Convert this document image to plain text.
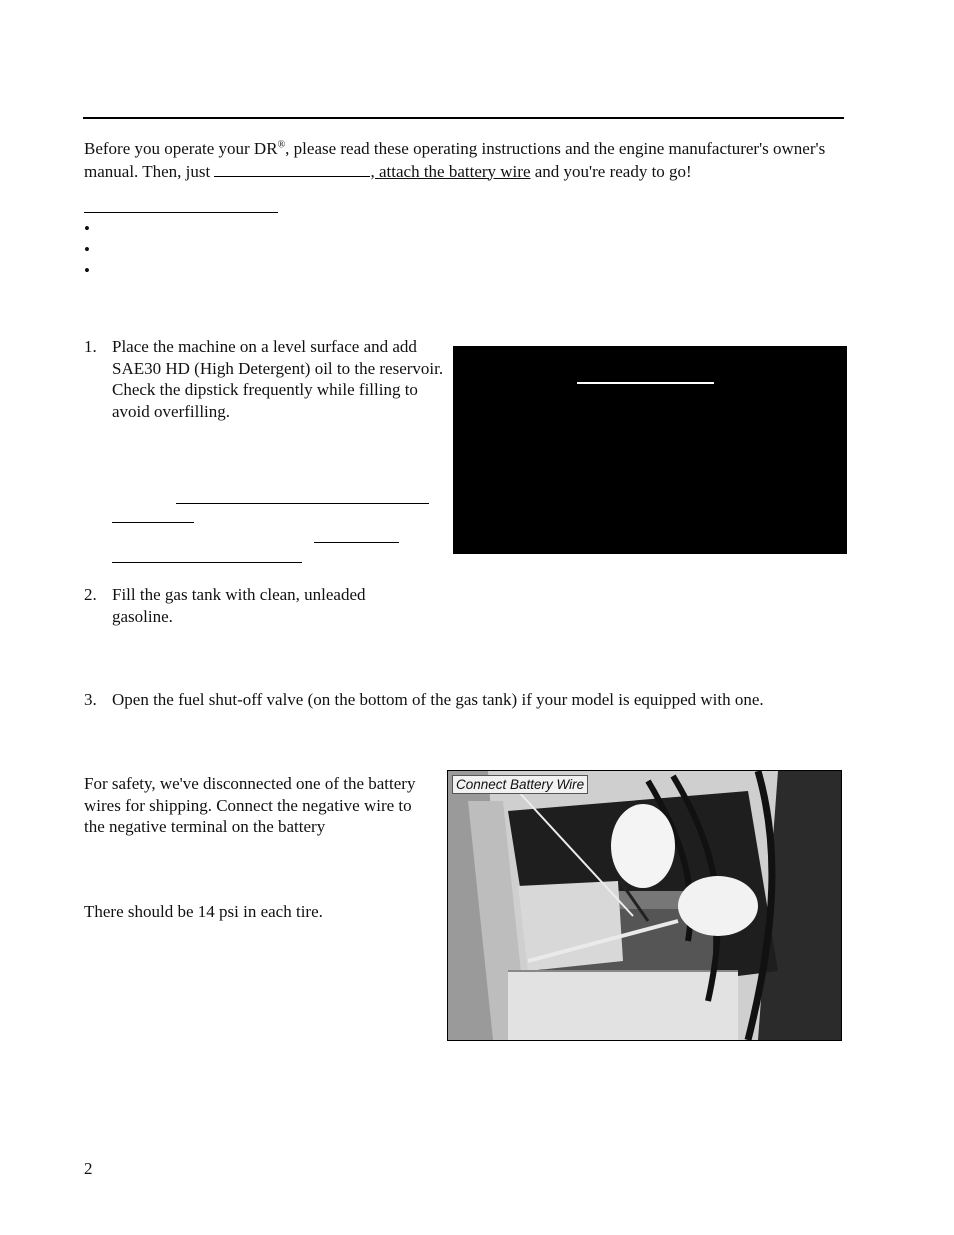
Before you operate your DR®, please read these operating instructions and the engine manufacturer's owner's manual. Then, just	, attach the battery wire and you're ready to go!
•
•
•
1. Place the machine on a level surface and add SAE30 HD (High Detergent) oil to the reservoir. Check the dipstick frequently while filling to avoid overfilling.
2. Fill the gas tank with clean, unleaded gasoline.
3. Open the fuel shut-off valve (on the bottom of the gas tank) if your model is equipped with one.
For safety, we've disconnected one of the battery wires for shipping. Connect the negative wire to the negative terminal on the battery
There should be 14 psi in each tire.
Connect Battery Wire
2
